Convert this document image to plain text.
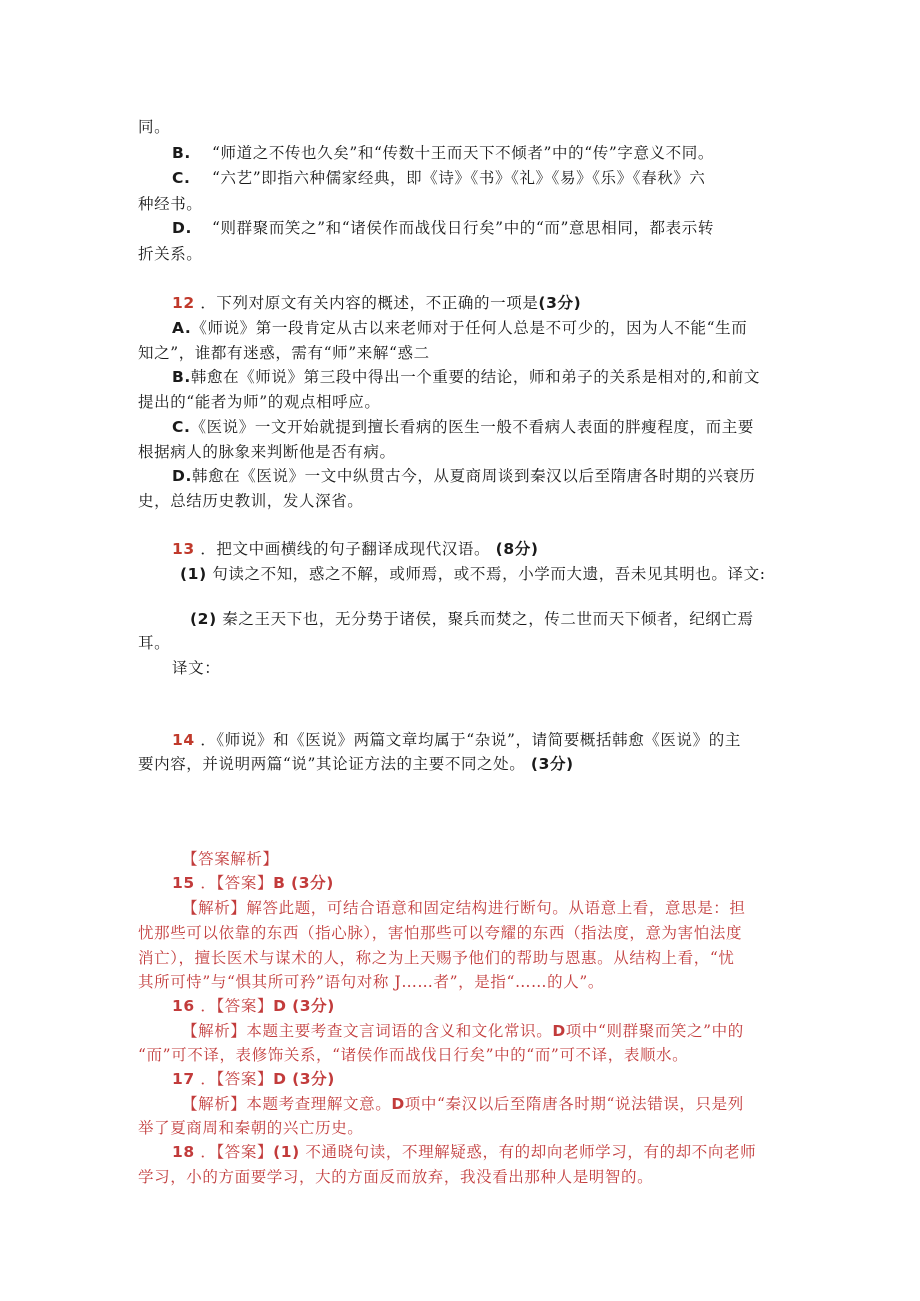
同。
B. “师道之不传也久矣”和“传数十王而天下不倾者”中的“传”字意义不同。
C. “六艺”即指六种儒家经典，即《诗》《书》《礼》《易》《乐》《春秋》六
种经书。
D. “则群聚而笑之”和“诸侯作而战伐日行矣”中的“而”意思相同，都表示转
折关系。
12 ．下列对原文有关内容的概述，不正确的一项是(3分)
A.《师说》第一段肯定从古以来老师对于任何人总是不可少的，因为人不能“生而
知之”，谁都有迷惑，需有“师”来解“惑二
B.韩愈在《师说》第三段中得出一个重要的结论，师和弟子的关系是相对的,和前文
提出的“能者为师”的观点相呼应。
C.《医说》一文开始就提到擅长看病的医生一般不看病人表面的胖瘦程度，而主要
根据病人的脉象来判断他是否有病。
D.韩愈在《医说》一文中纵贯古今，从夏商周谈到秦汉以后至隋唐各时期的兴衰历
史，总结历史教训，发人深省。
13 ．把文中画横线的句子翻译成现代汉语。 (8分)
(1) 句读之不知，惑之不解，或师焉，或不焉，小学而大遗，吾未见其明也。译文:
(2) 秦之王天下也，无分势于诸侯，聚兵而焚之，传二世而天下倾者，纪纲亡焉
耳。
译文：
14 ．《师说》和《医说》两篇文章均属于“杂说”，请简要概括韩愈《医说》的主
要内容，并说明两篇“说”其论证方法的主要不同之处。 (3分)
【答案解析】
15 ．【答案】B (3分)
【解析】解答此题，可结合语意和固定结构进行断句。从语意上看，意思是：担
忧那些可以依靠的东西（指心脉），害怕那些可以夸耀的东西（指法度，意为害怕法度
消亡），擅长医术与谋术的人，称之为上天赐予他们的帮助与恩惠。从结构上看，“忧
其所可恃”与“惧其所可矜”语句对称 J……者”，是指“……的人”。
16 ．【答案】D (3分)
【解析】本题主要考查文言词语的含义和文化常识。D项中“则群聚而笑之”中的
“而”可不译，表修饰关系，“诸侯作而战伐日行矣”中的“而”可不译，表顺水。
17 ．【答案】D (3分)
【解析】本题考查理解文意。D项中“秦汉以后至隋唐各时期“说法错误，只是列
举了夏商周和秦朝的兴亡历史。
18 ．【答案】(1) 不通晓句读，不理解疑惑，有的却向老师学习，有的却不向老师
学习，小的方面要学习，大的方面反而放弃，我没看出那种人是明智的。
